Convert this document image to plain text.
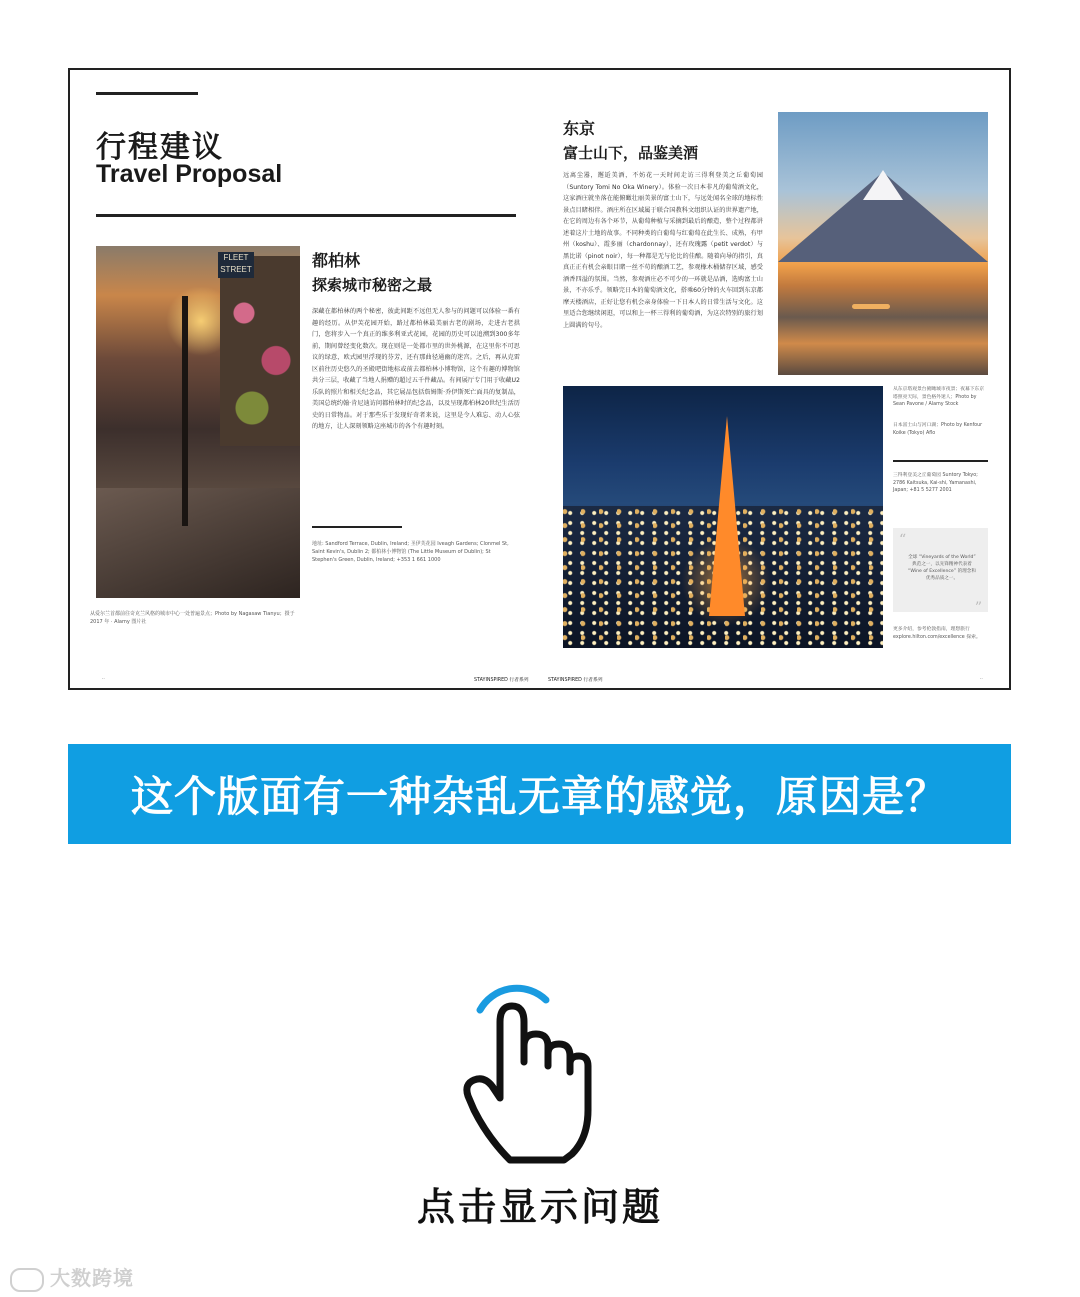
行程建议
Travel Proposal
FLEET STREET	都柏林
探索城市秘密之最
深藏在都柏林的两个秘密，彼此间距不远但无人参与的问题可以体验一番有趣的经历。从伊芙花园开始，路过都柏林最美丽古老的剧场，走进古老拱门，您将步入一个真正的维多利亚式花园，花园的历史可以追溯到300多年前，期间曾经变化数次。现在则是一处都市里的世外桃源，在这里你不可思议的绿意，欧式园里浮现的芬芳，还有那曲径通幽的迷宫。之后，再从克雷区前往历史悠久的圣殿吧街地标或前去都柏林小博物馆，这个有趣的博物馆共分三层，收藏了当地人捐赠的超过五千件藏品。有间展厅专门用于收藏U2乐队的照片和相关纪念品，其它展品包括詹姆斯·乔伊斯死亡面具的复制品，美国总统约翰·肯尼迪访问都柏林时的纪念品，以及呈现都柏林20世纪生活历史的日常物品。对于那些乐于发现好奇者来说，这里是令人难忘、动人心弦的地方，让人深刻领略这座城市的各个有趣时刻。
地址: Sandford Terrace, Dublin, Ireland; 圣伊芙花园 Iveagh Gardens; Clonmel St, Saint Kevin's, Dublin 2; 都柏林小博物馆 (The Little Museum of Dublin); St Stephen's Green, Dublin, Ireland; +353 1 661 1000
从爱尔兰首都前往奇克兰风格的城市中心一处普遍景点；Photo by Nagasaw Tianyu；摄于 2017 年 · Alamy 图片社
东京
富士山下，品鉴美酒
远离尘嚣，邂逅美酒，不妨花一天时间走访三得利登美之丘葡萄园（Suntory Tomi No Oka Winery）。体验一次日本非凡的葡萄酒文化，这家酒庄就坐落在能俯瞰壮丽美景的富士山下，与远处闻名全球的地标性景点目睹相伴。酒庄所在区域属于联合国教科文组织认证的世界遗产地，在它的周边有各个环节，从葡萄种植与采摘到最后的酿造，整个过程都讲述着这片土地的故事。不同种类的白葡萄与红葡萄在此生长、成熟，有甲州（koshu）、霞多丽（chardonnay），还有玫瑰露（petit verdot）与黑比诺（pinot noir），每一种都是无与伦比的佳酿。随着向导的指引，真真正正有机会亲眼目睹一丝不苟的酿酒工艺，参观橡木桶储存区域，感受酒香四溢的氛围。当然，参观酒庄必不可少的一环就是品酒，选购富士山景，不亦乐乎。领略完日本的葡萄酒文化，搭乘60分钟的火车回到东京都摩天楼酒店，正好让您有机会亲身体验一下日本人的日常生活与文化。这里适合您继续闲逛，可以和上一杯三得利的葡萄酒，为这次特别的旅行划上圆满的句号。
从东京塔观景台俯瞰城市夜景；夜幕下东京塔照亮天际，景色格外迷人；Photo by Sean Pavone / Alamy Stock
日本富士山与河口湖；Photo by Kenfour Koike (Tokyo) Aflo
三得利登美之丘葡萄园 Suntory Tokyo; 2786 Kaitsuka, Kai-shi, Yamanashi, Japan; +81 5 5277 2001
“
全球 “Vineyards of the World” 典范之一，以先锋精神代表着 “Wine of Excellence” 的理念和优秀品质之一。
”
更多介绍，参考伦敦指南，理想旅行 explore.hilton.com/excellence 探索。
..	STAYINSPIRED 行者系列	STAYINSPIRED 行者系列	..
这个版面有一种杂乱无章的感觉，原因是？
点击显示问题
大数跨境
